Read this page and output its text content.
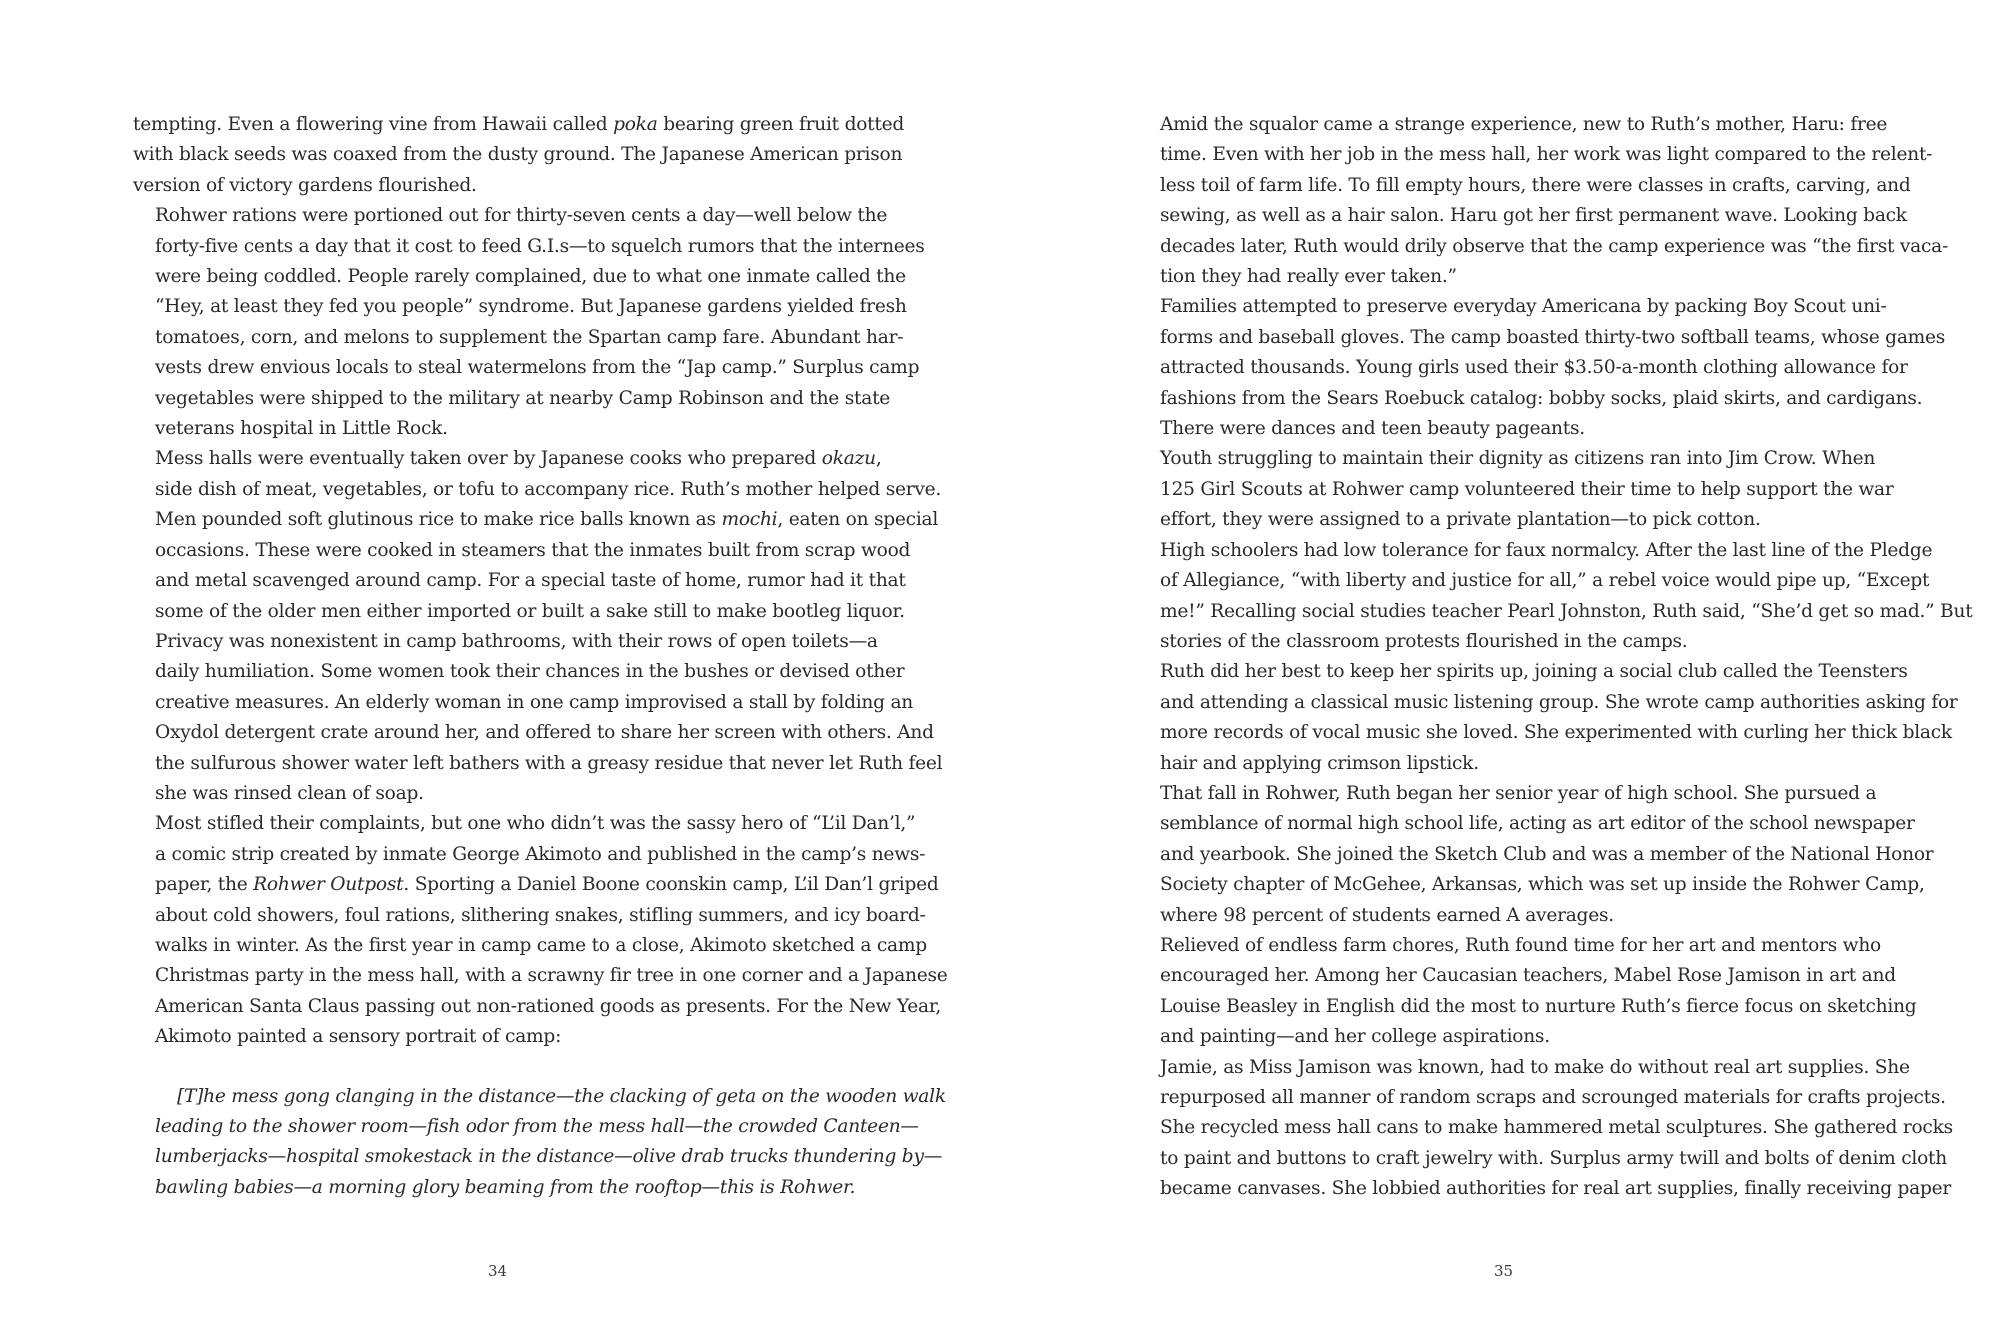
tempting. Even a flowering vine from Hawaii called poka bearing green fruit dotted
with black seeds was coaxed from the dusty ground. The Japanese American prison
version of victory gardens flourished.

Rohwer rations were portioned out for thirty-seven cents a day—well below the
forty-five cents a day that it cost to feed G.I.s—to squelch rumors that the internees
were being coddled. People rarely complained, due to what one inmate called the
“Hey, at least they fed you people” syndrome. But Japanese gardens yielded fresh
tomatoes, corn, and melons to supplement the Spartan camp fare. Abundant har-
vests drew envious locals to steal watermelons from the “Jap camp.” Surplus camp
vegetables were shipped to the military at nearby Camp Robinson and the state
veterans hospital in Little Rock.

Mess halls were eventually taken over by Japanese cooks who prepared okazu,
side dish of meat, vegetables, or tofu to accompany rice. Ruth’s mother helped serve.
Men pounded soft glutinous rice to make rice balls known as mochi, eaten on special
occasions. These were cooked in steamers that the inmates built from scrap wood
and metal scavenged around camp. For a special taste of home, rumor had it that
some of the older men either imported or built a sake still to make bootleg liquor.

Privacy was nonexistent in camp bathrooms, with their rows of open toilets—a
daily humiliation. Some women took their chances in the bushes or devised other
creative measures. An elderly woman in one camp improvised a stall by folding an
Oxydol detergent crate around her, and offered to share her screen with others. And
the sulfurous shower water left bathers with a greasy residue that never let Ruth feel
she was rinsed clean of soap.

Most stifled their complaints, but one who didn’t was the sassy hero of “L’il Dan’l,”
a comic strip created by inmate George Akimoto and published in the camp’s news-
paper, the Rohwer Outpost. Sporting a Daniel Boone coonskin camp, L’il Dan’l griped
about cold showers, foul rations, slithering snakes, stifling summers, and icy board-
walks in winter. As the first year in camp came to a close, Akimoto sketched a camp
Christmas party in the mess hall, with a scrawny fir tree in one corner and a Japanese
American Santa Claus passing out non-rationed goods as presents. For the New Year,
Akimoto painted a sensory portrait of camp:

[T]he mess gong clanging in the distance—the clacking of geta on the wooden walk
leading to the shower room—fish odor from the mess hall—the crowded Canteen—
lumberjacks—hospital smokestack in the distance—olive drab trucks thundering by—
bawling babies—a morning glory beaming from the rooftop—this is Rohwer.
34

Amid the squalor came a strange experience, new to Ruth’s mother, Haru: free
time. Even with her job in the mess hall, her work was light compared to the relent-
less toil of farm life. To fill empty hours, there were classes in crafts, carving, and
sewing, as well as a hair salon. Haru got her first permanent wave. Looking back
decades later, Ruth would drily observe that the camp experience was “the first vaca-
tion they had really ever taken.”

Families attempted to preserve everyday Americana by packing Boy Scout uni-
forms and baseball gloves. The camp boasted thirty-two softball teams, whose games
attracted thousands. Young girls used their $3.50-a-month clothing allowance for
fashions from the Sears Roebuck catalog: bobby socks, plaid skirts, and cardigans.
There were dances and teen beauty pageants.

Youth struggling to maintain their dignity as citizens ran into Jim Crow. When
125 Girl Scouts at Rohwer camp volunteered their time to help support the war
effort, they were assigned to a private plantation—to pick cotton.

High schoolers had low tolerance for faux normalcy. After the last line of the Pledge
of Allegiance, “with liberty and justice for all,” a rebel voice would pipe up, “Except
me!” Recalling social studies teacher Pearl Johnston, Ruth said, “She’d get so mad.” But
stories of the classroom protests flourished in the camps.

Ruth did her best to keep her spirits up, joining a social club called the Teensters
and attending a classical music listening group. She wrote camp authorities asking for
more records of vocal music she loved. She experimented with curling her thick black
hair and applying crimson lipstick.

That fall in Rohwer, Ruth began her senior year of high school. She pursued a
semblance of normal high school life, acting as art editor of the school newspaper
and yearbook. She joined the Sketch Club and was a member of the National Honor
Society chapter of McGehee, Arkansas, which was set up inside the Rohwer Camp,
where 98 percent of students earned A averages.

Relieved of endless farm chores, Ruth found time for her art and mentors who
encouraged her. Among her Caucasian teachers, Mabel Rose Jamison in art and
Louise Beasley in English did the most to nurture Ruth’s fierce focus on sketching
and painting—and her college aspirations.

Jamie, as Miss Jamison was known, had to make do without real art supplies. She
repurposed all manner of random scraps and scrounged materials for crafts projects.
She recycled mess hall cans to make hammered metal sculptures. She gathered rocks
to paint and buttons to craft jewelry with. Surplus army twill and bolts of denim cloth
became canvases. She lobbied authorities for real art supplies, finally receiving paper

35
